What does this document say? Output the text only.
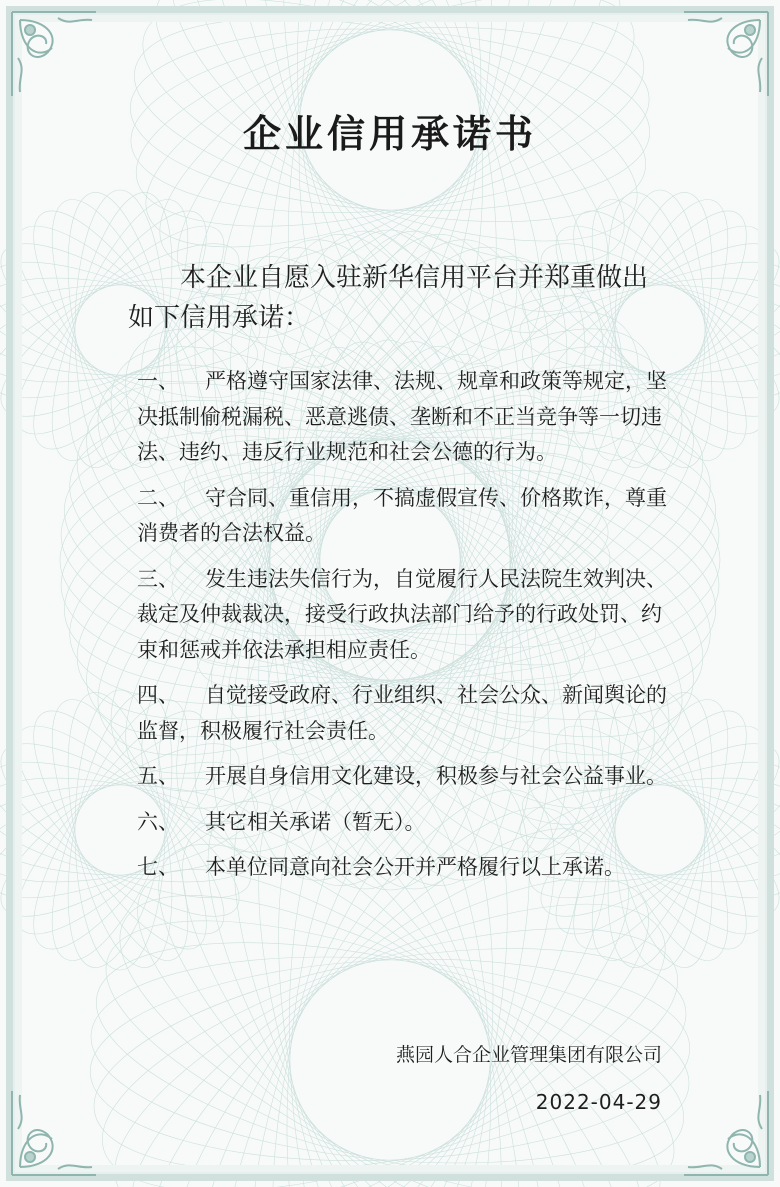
企业信用承诺书

本企业自愿入驻新华信用平台并郑重做出
如下信用承诺：

一、 严格遵守国家法律、法规、规章和政策等规定，坚决抵制偷税漏税、恶意逃债、垄断和不正当竞争等一切违法、违约、违反行业规范和社会公德的行为。

二、 守合同、重信用，不搞虚假宣传、价格欺诈，尊重消费者的合法权益。

三、 发生违法失信行为，自觉履行人民法院生效判决、裁定及仲裁裁决，接受行政执法部门给予的行政处罚、约束和惩戒并依法承担相应责任。

四、 自觉接受政府、行业组织、社会公众、新闻舆论的监督，积极履行社会责任。

五、 开展自身信用文化建设，积极参与社会公益事业。

六、 其它相关承诺（暂无）。

七、 本单位同意向社会公开并严格履行以上承诺。

燕园人合企业管理集团有限公司

2022-04-29
